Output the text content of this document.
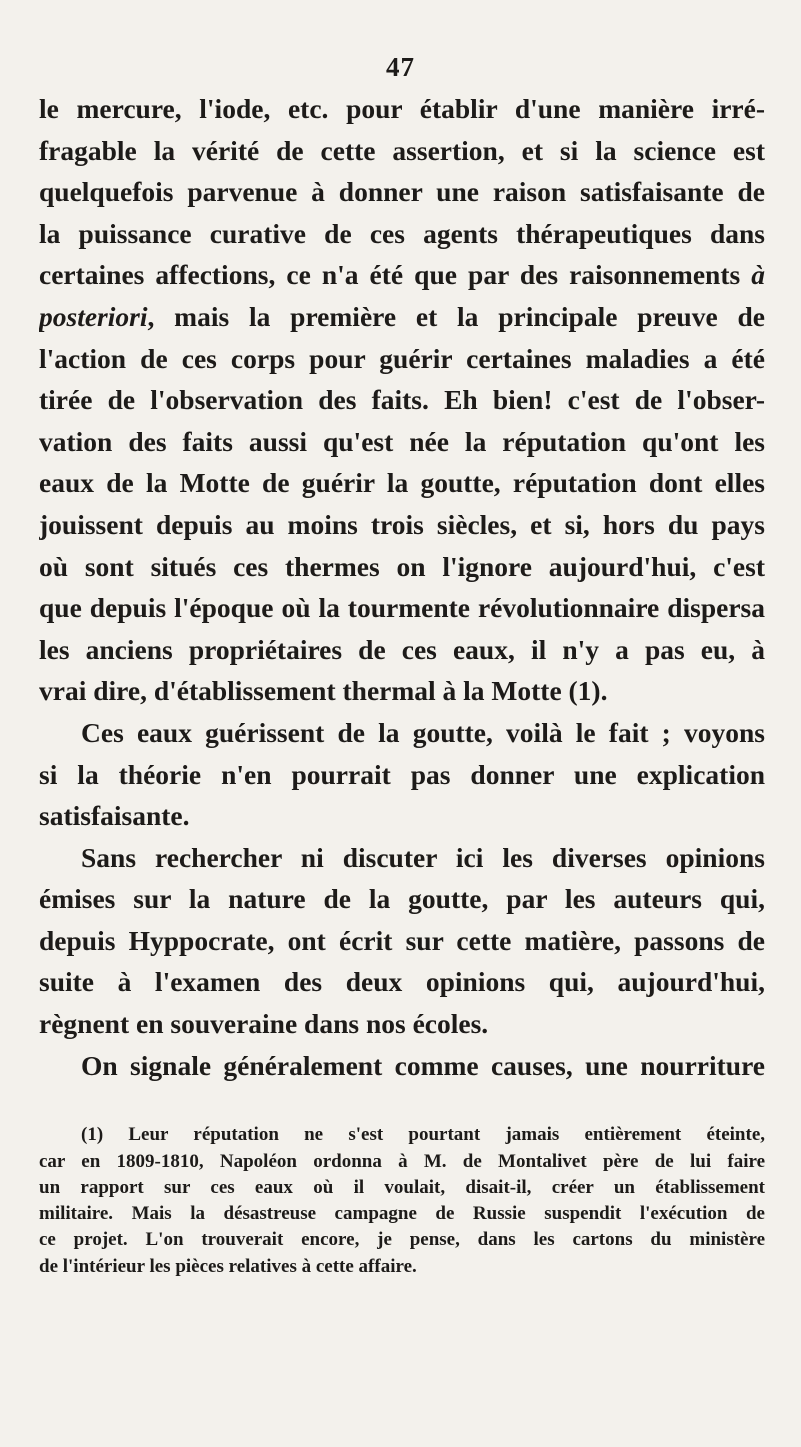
47
le mercure, l'iode, etc. pour établir d'une manière irré-
fragable la vérité de cette assertion, et si la science est
quelquefois parvenue à donner une raison satisfaisante de
la puissance curative de ces agents thérapeutiques dans
certaines affections, ce n'a été que par des raisonnements à
posteriori, mais la première et la principale preuve de
l'action de ces corps pour guérir certaines maladies a été
tirée de l'observation des faits. Eh bien! c'est de l'obser-
vation des faits aussi qu'est née la réputation qu'ont les
eaux de la Motte de guérir la goutte, réputation dont elles
jouissent depuis au moins trois siècles, et si, hors du pays
où sont situés ces thermes on l'ignore aujourd'hui, c'est
que depuis l'époque où la tourmente révolutionnaire dispersa
les anciens propriétaires de ces eaux, il n'y a pas eu, à
vrai dire, d'établissement thermal à la Motte (1).
Ces eaux guérissent de la goutte, voilà le fait ; voyons
si la théorie n'en pourrait pas donner une explication
satisfaisante.
Sans rechercher ni discuter ici les diverses opinions
émises sur la nature de la goutte, par les auteurs qui,
depuis Hyppocrate, ont écrit sur cette matière, passons de
suite à l'examen des deux opinions qui, aujourd'hui,
règnent en souveraine dans nos écoles.
On signale généralement comme causes, une nourriture
(1) Leur réputation ne s'est pourtant jamais entièrement éteinte,
car en 1809-1810, Napoléon ordonna à M. de Montalivet père de lui faire
un rapport sur ces eaux où il voulait, disait-il, créer un établissement
militaire. Mais la désastreuse campagne de Russie suspendit l'exécution de
ce projet. L'on trouverait encore, je pense, dans les cartons du ministère
de l'intérieur les pièces relatives à cette affaire.
